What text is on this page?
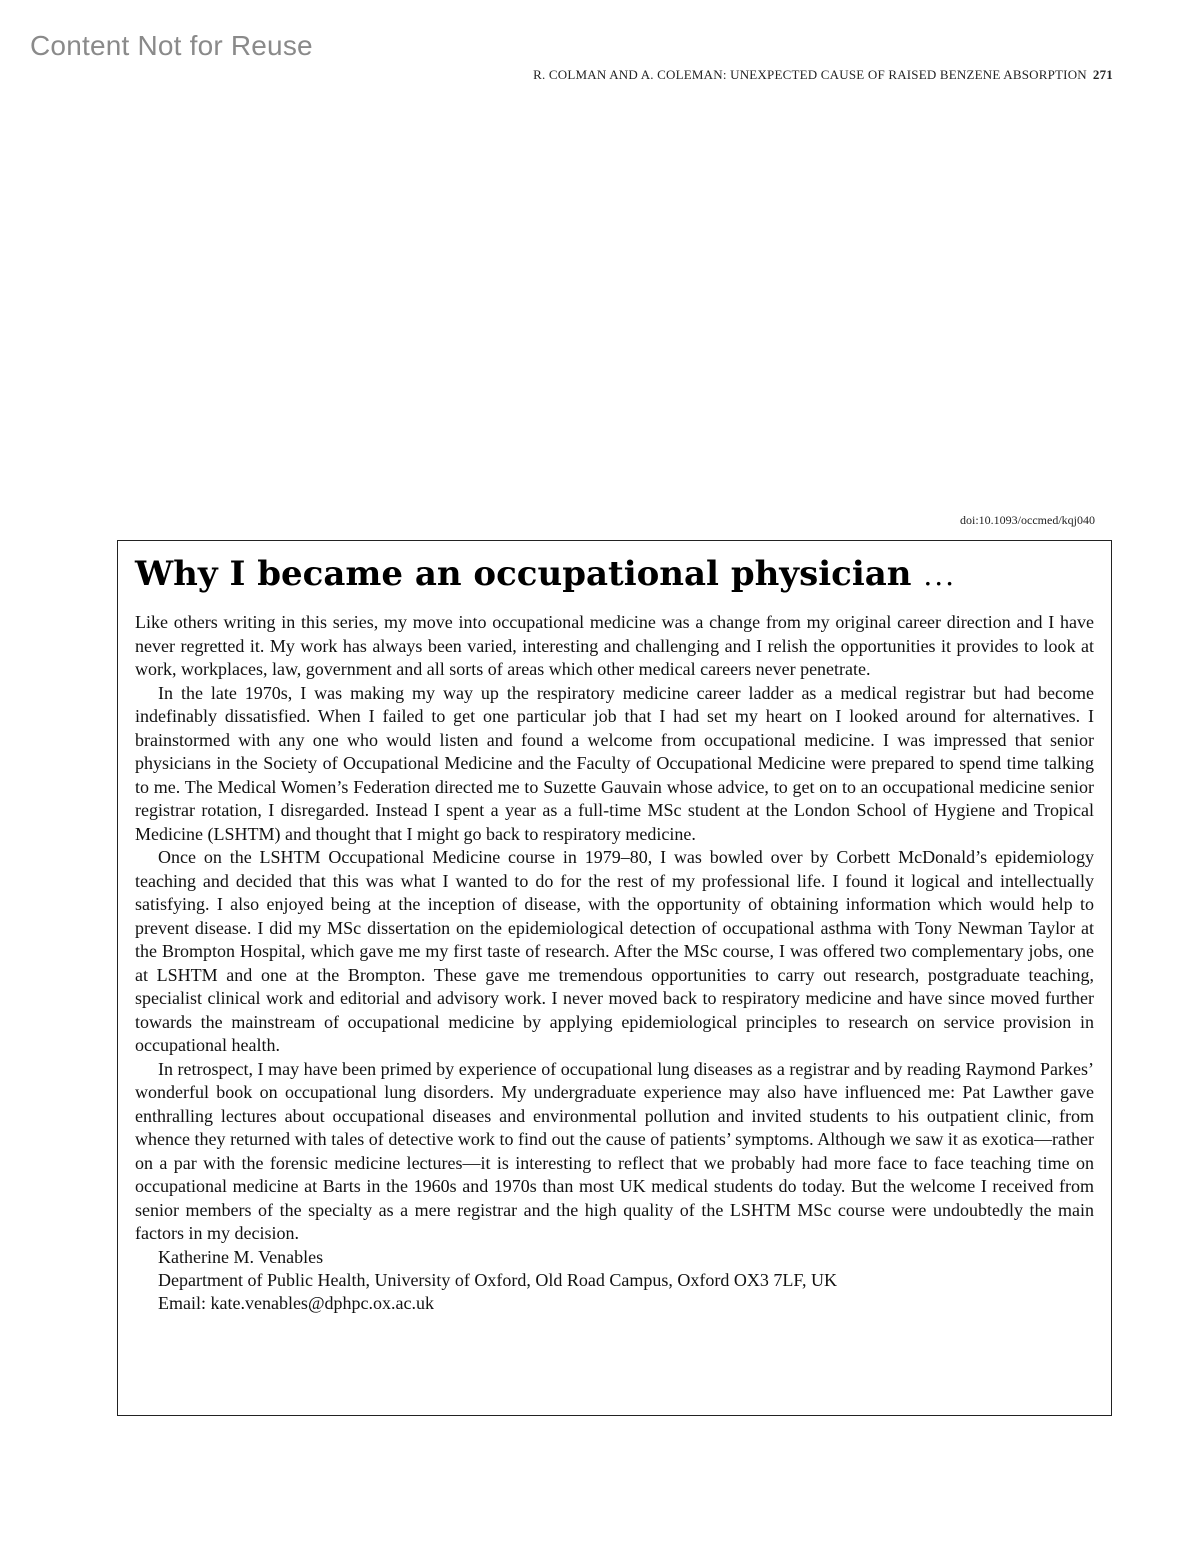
Content Not for Reuse
R. COLMAN AND A. COLEMAN: UNEXPECTED CAUSE OF RAISED BENZENE ABSORPTION 271
doi:10.1093/occmed/kqj040
Why I became an occupational physician ...

Like others writing in this series, my move into occupational medicine was a change from my original career direction and I have never regretted it. My work has always been varied, interesting and challenging and I relish the opportunities it provides to look at work, workplaces, law, government and all sorts of areas which other medical careers never penetrate.

In the late 1970s, I was making my way up the respiratory medicine career ladder as a medical registrar but had become indefinably dissatisfied. When I failed to get one particular job that I had set my heart on I looked around for alternatives. I brainstormed with any one who would listen and found a welcome from occupational medicine. I was impressed that senior physicians in the Society of Occupational Medicine and the Faculty of Occupational Medicine were prepared to spend time talking to me. The Medical Women’s Federation directed me to Suzette Gauvain whose advice, to get on to an occupational medicine senior registrar rotation, I disregarded. Instead I spent a year as a full-time MSc student at the London School of Hygiene and Tropical Medicine (LSHTM) and thought that I might go back to respiratory medicine.

Once on the LSHTM Occupational Medicine course in 1979–80, I was bowled over by Corbett McDonald’s epidemiology teaching and decided that this was what I wanted to do for the rest of my professional life. I found it logical and intellectually satisfying. I also enjoyed being at the inception of disease, with the opportunity of obtaining information which would help to prevent disease. I did my MSc dissertation on the epidemiological detection of occupational asthma with Tony Newman Taylor at the Brompton Hospital, which gave me my first taste of research. After the MSc course, I was offered two complementary jobs, one at LSHTM and one at the Brompton. These gave me tremendous opportunities to carry out research, postgraduate teaching, specialist clinical work and editorial and advisory work. I never moved back to respiratory medicine and have since moved further towards the mainstream of occupational medicine by applying epidemiological principles to research on service provision in occupational health.

In retrospect, I may have been primed by experience of occupational lung diseases as a registrar and by reading Raymond Parkes’ wonderful book on occupational lung disorders. My undergraduate experience may also have influenced me: Pat Lawther gave enthralling lectures about occupational diseases and environmental pollution and invited students to his outpatient clinic, from whence they returned with tales of detective work to find out the cause of patients’ symptoms. Although we saw it as exotica—rather on a par with the forensic medicine lectures—it is interesting to reflect that we probably had more face to face teaching time on occupational medicine at Barts in the 1960s and 1970s than most UK medical students do today. But the welcome I received from senior members of the specialty as a mere registrar and the high quality of the LSHTM MSc course were undoubtedly the main factors in my decision.

Katherine M. Venables

Department of Public Health, University of Oxford, Old Road Campus, Oxford OX3 7LF, UK

Email: kate.venables@dphpc.ox.ac.uk
